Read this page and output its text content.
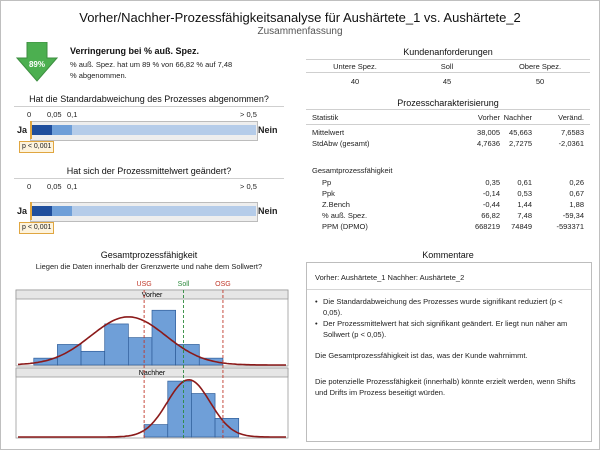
Vorher/Nachher-Prozessfähigkeitsanalyse für Aushärtete_1 vs. Aushärtete_2
Zusammenfassung
89%
Verringerung bei % auß. Spez.
% auß. Spez. hat um 89 % von 66,82 % auf 7,48
% abgenommen.
Hat die Standardabweichung des Prozesses abgenommen?
0 0,05 0,1	> 0,5
Ja	Nein
p < 0,001
Hat sich der Prozessmittelwert geändert?
0 0,05 0,1	> 0,5
Ja	Nein
p < 0,001
Kundenanforderungen
Untere Spez.	Soll	Obere Spez.
40	45	50
Prozesscharakterisierung
Statistik	Vorher Nachher	Veränd.
Mittelwert	38,005	45,663	7,6583
StdAbw (gesamt)	4,7636	2,7275	-2,0361
Gesamtprozessfähigkeit
Pp	0,35	0,61	0,26
Ppk	-0,14	0,53	0,67
Z.Bench	-0,44	1,44	1,88
% auß. Spez.	66,82	7,48	-59,34
PPM (DPMO)	668219	74849	-593371
Kommentare

Vorher: Aushärtete_1 Nachher: Aushärtete_2

• Die Standardabweichung des Prozesses wurde signifikant reduziert (p < 0,05).

• Der Prozessmittelwert hat sich signifikant geändert. Er liegt nun näher am Sollwert (p < 0,05).

Die Gesamtprozessfähigkeit ist das, was der Kunde wahrnimmt.

Die potenzielle Prozessfähigkeit (innerhalb) könnte erzielt werden, wenn Shifts und Drifts im Prozess beseitigt würden.

Gesamtprozessfähigkeit
Liegen die Daten innerhalb der Grenzwerte und nahe dem Sollwert?
USG	Soll	OSG
Vorher
Nachher
